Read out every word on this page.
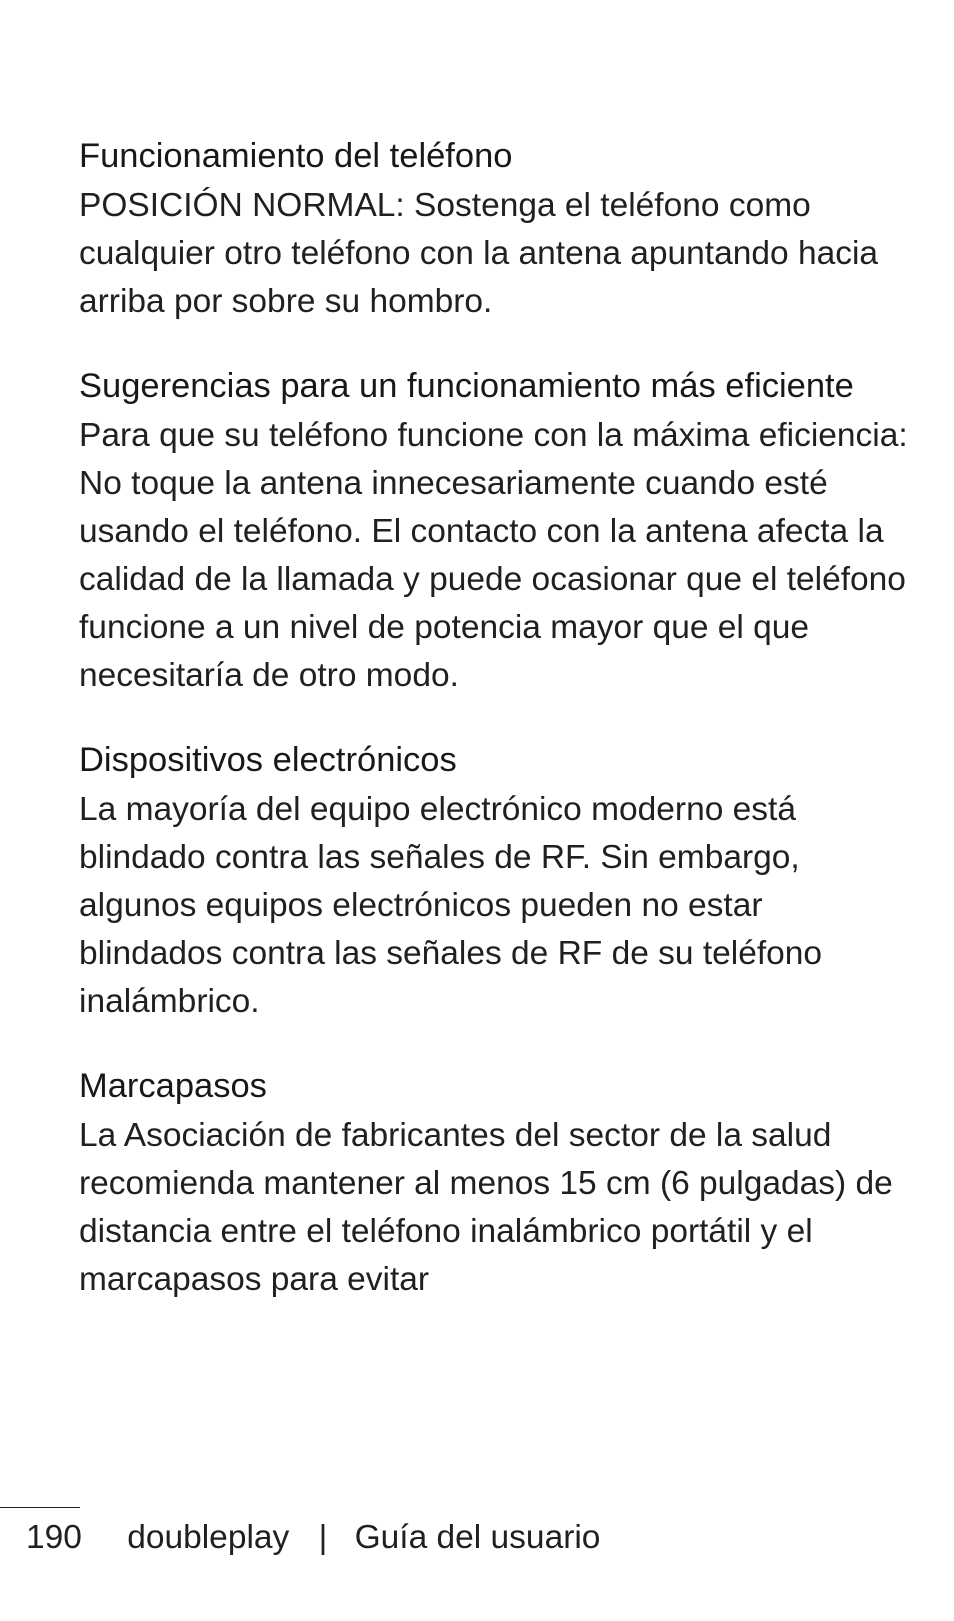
Funcionamiento del teléfono

POSICIÓN NORMAL: Sostenga el teléfono como cualquier otro teléfono con la antena apuntando hacia arriba por sobre su hombro.

Sugerencias para un funcionamiento más eficiente

Para que su teléfono funcione con la máxima eficiencia:

No toque la antena innecesariamente cuando esté usando el teléfono. El contacto con la antena afecta la calidad de la llamada y puede ocasionar que el teléfono funcione a un nivel de potencia mayor que el que necesitaría de otro modo.

Dispositivos electrónicos

La mayoría del equipo electrónico moderno está blindado contra las señales de RF. Sin embargo, algunos equipos electrónicos pueden no estar blindados contra las señales de RF de su teléfono inalámbrico.

Marcapasos

La Asociación de fabricantes del sector de la salud recomienda mantener al menos 15 cm (6 pulgadas) de distancia entre el teléfono inalámbrico portátil y el marcapasos para evitar

190 doubleplay | Guía del usuario
